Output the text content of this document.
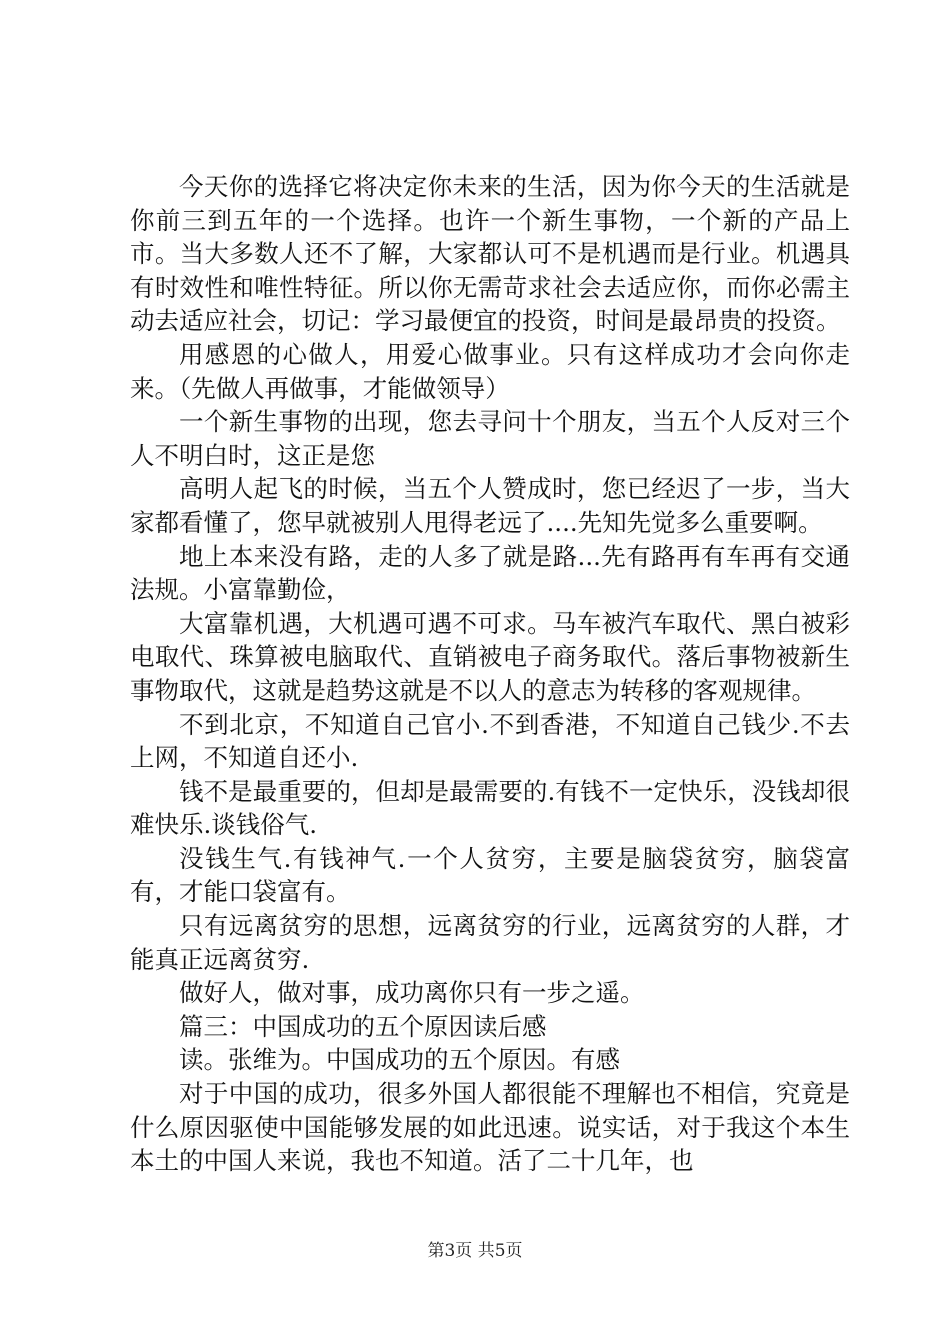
今天你的选择它将决定你未来的生活，因为你今天的生活就是你前三到五年的一个选择。也许一个新生事物，一个新的产品上市。当大多数人还不了解，大家都认可不是机遇而是行业。机遇具有时效性和唯性特征。所以你无需苛求社会去适应你，而你必需主动去适应社会，切记：学习最便宜的投资，时间是最昂贵的投资。

用感恩的心做人，用爱心做事业。只有这样成功才会向你走来。（先做人再做事，才能做领导）

一个新生事物的出现，您去寻问十个朋友，当五个人反对三个人不明白时，这正是您

高明人起飞的时候，当五个人赞成时，您已经迟了一步，当大家都看懂了，您早就被别人甩得老远了....先知先觉多么重要啊。

地上本来没有路，走的人多了就是路...先有路再有车再有交通法规。小富靠勤俭，

大富靠机遇，大机遇可遇不可求。马车被汽车取代、黑白被彩电取代、珠算被电脑取代、直销被电子商务取代。落后事物被新生事物取代，这就是趋势这就是不以人的意志为转移的客观规律。

不到北京，不知道自己官小.不到香港，不知道自己钱少.不去上网，不知道自还小.

钱不是最重要的，但却是最需要的.有钱不一定快乐，没钱却很难快乐.谈钱俗气.

没钱生气.有钱神气.一个人贫穷，主要是脑袋贫穷，脑袋富有，才能口袋富有。

只有远离贫穷的思想，远离贫穷的行业，远离贫穷的人群，才能真正远离贫穷.

做好人，做对事，成功离你只有一步之遥。

篇三：中国成功的五个原因读后感

读。张维为。中国成功的五个原因。有感

对于中国的成功，很多外国人都很能不理解也不相信，究竟是什么原因驱使中国能够发展的如此迅速。说实话，对于我这个本生本土的中国人来说，我也不知道。活了二十几年，也

第3页 共5页
